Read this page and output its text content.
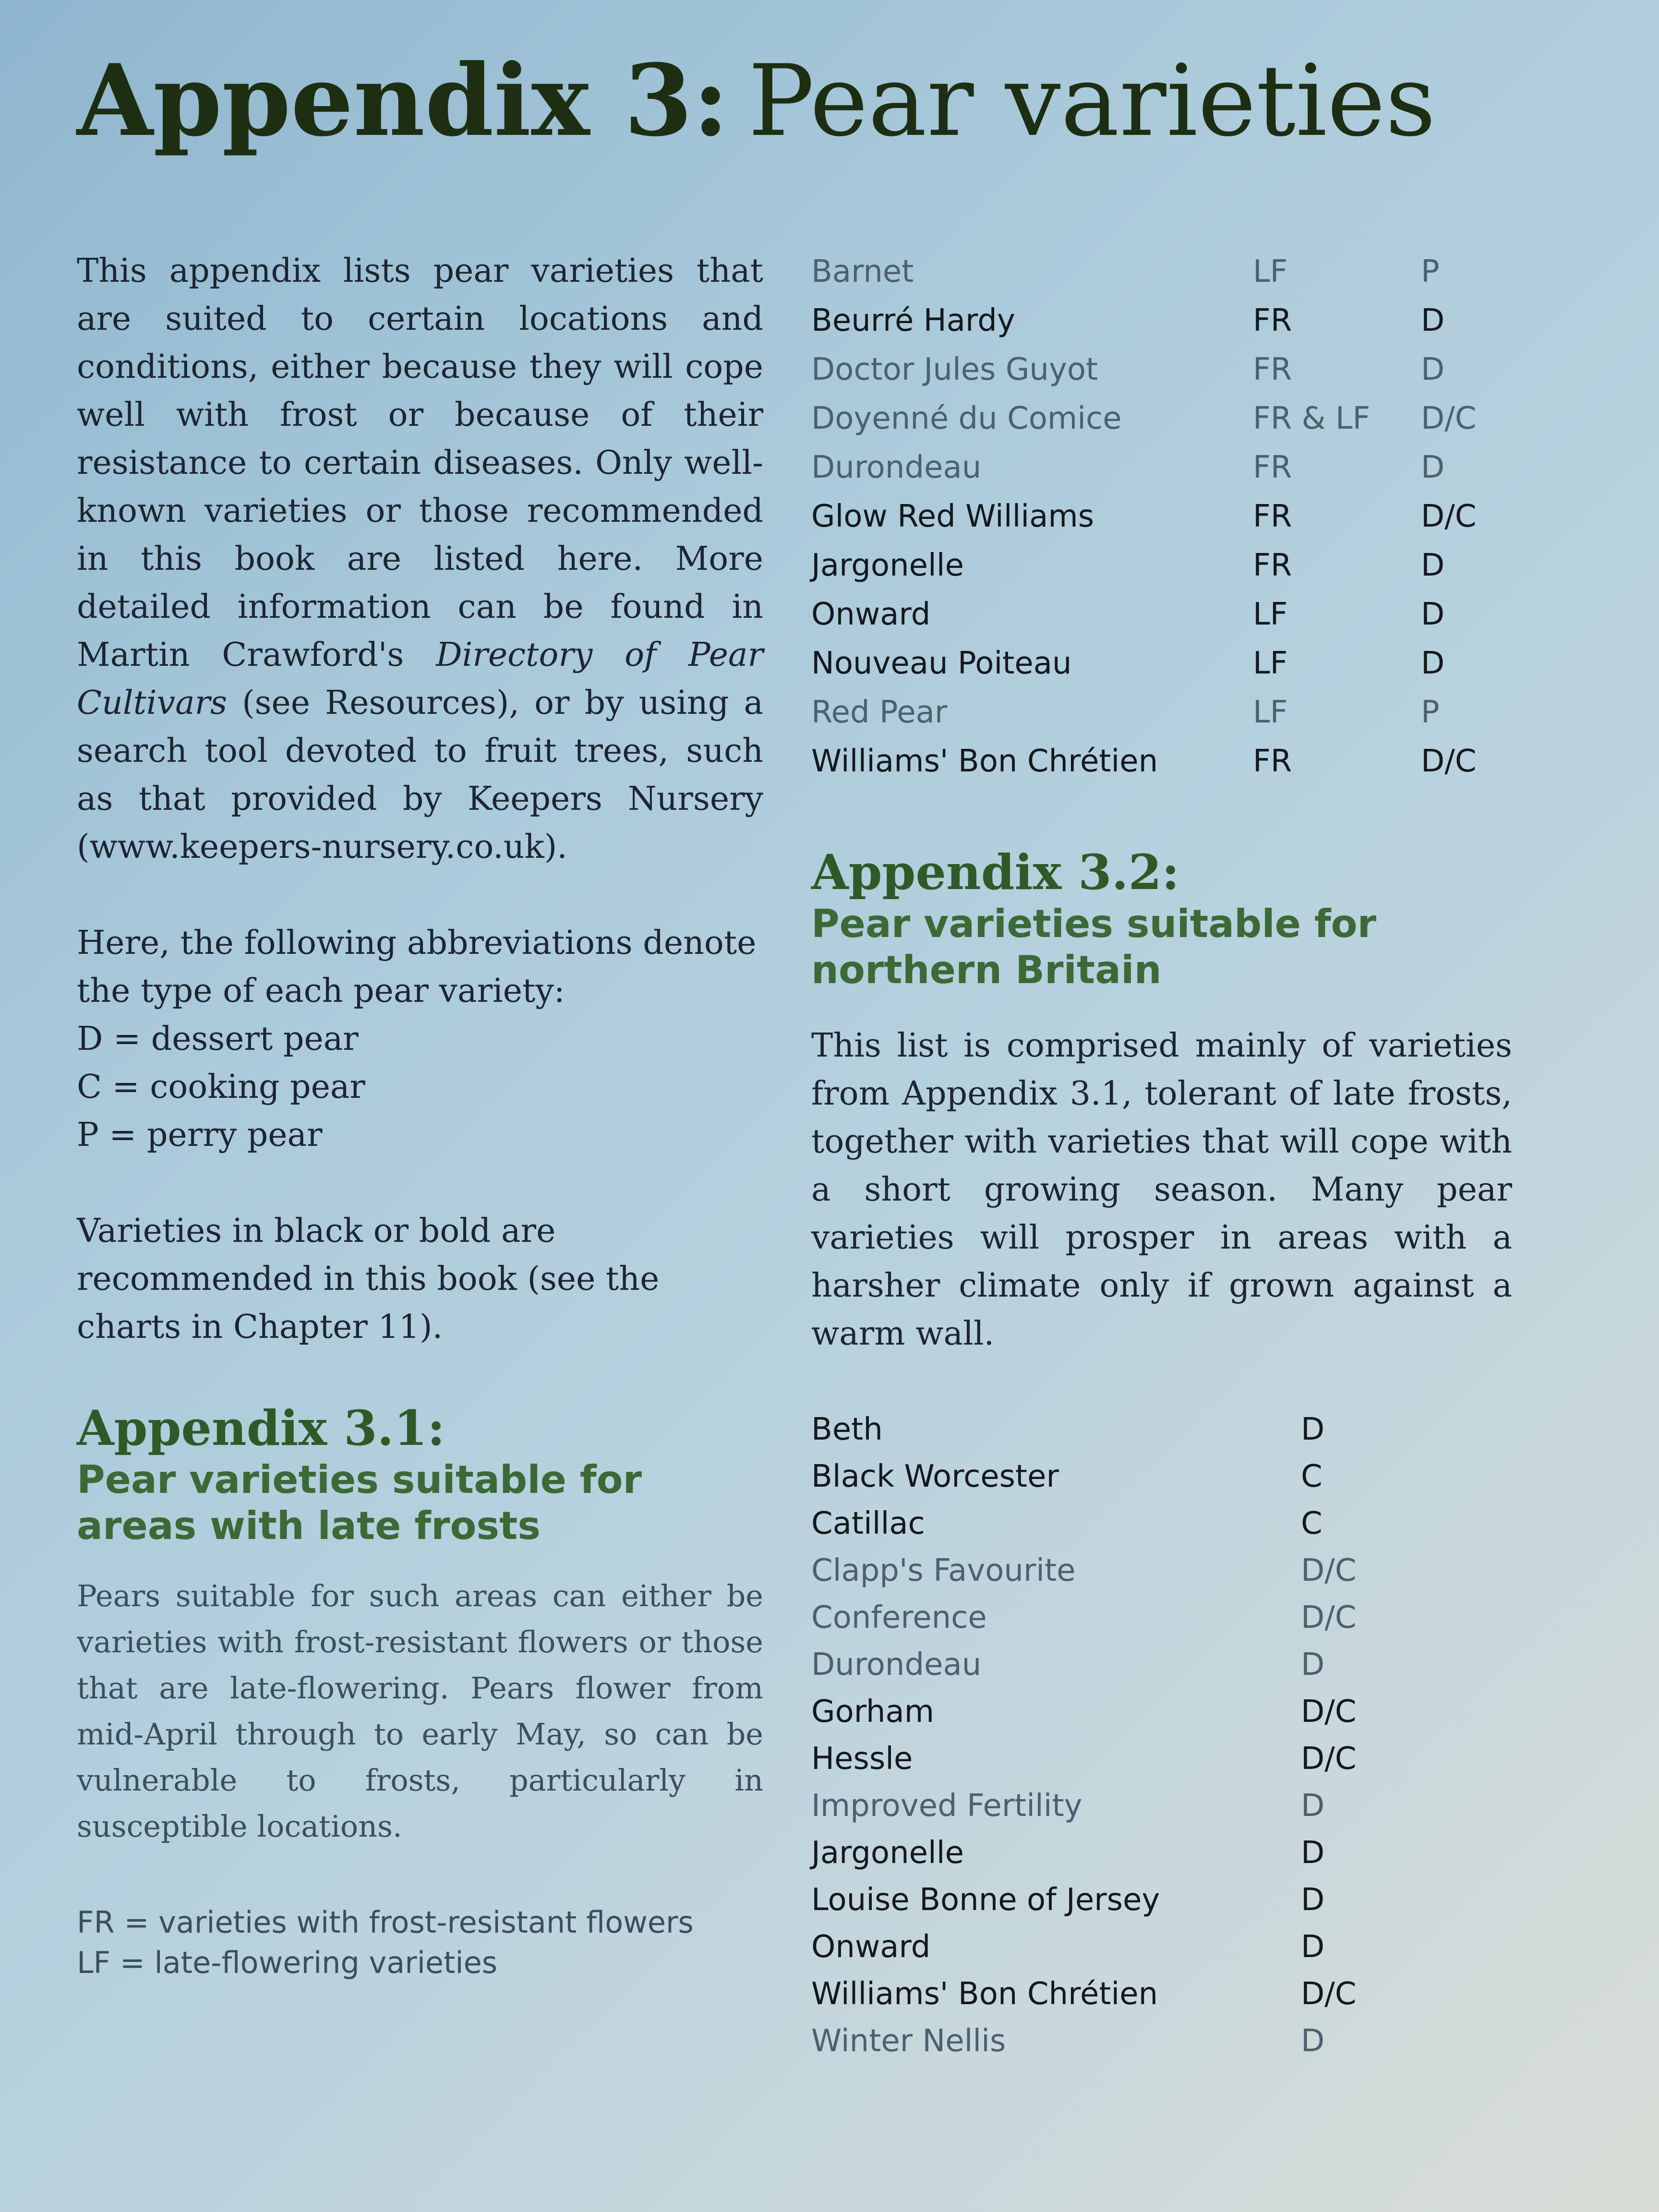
Appendix 3: Pear varieties

This appendix lists pear varieties that are suited to certain locations and conditions, either because they will cope well with frost or because of their resistance to certain diseases. Only well-known varieties or those recommended in this book are listed here. More detailed information can be found in Martin Crawford's Directory of Pear Cultivars (see Resources), or by using a search tool devoted to fruit trees, such as that provided by Keepers Nursery (www.keepers-nursery.co.uk).

Here, the following abbreviations denote the type of each pear variety:

D = dessert pear

C = cooking pear

P = perry pear

Varieties in black or bold are recommended in this book (see the charts in Chapter 11).

Appendix 3.1:
Pear varieties suitable for areas with late frosts

Pears suitable for such areas can either be varieties with frost-resistant flowers or those that are late-flowering. Pears flower from mid-April through to early May, so can be vulnerable to frosts, particularly in susceptible locations.

FR = varieties with frost-resistant flowers

LF = late-flowering varieties

Barnet	LF	P
Beurré Hardy	FR	D
Doctor Jules Guyot	FR	D
Doyenné du Comice	FR & LF	D/C
Durondeau	FR	D
Glow Red Williams	FR	D/C
Jargonelle	FR	D
Onward	LF	D
Nouveau Poiteau	LF	D
Red Pear	LF	P
Williams' Bon Chrétien	FR	D/C
Appendix 3.2:
Pear varieties suitable for northern Britain

This list is comprised mainly of varieties from Appendix 3.1, tolerant of late frosts, together with varieties that will cope with a short growing season. Many pear varieties will prosper in areas with a harsher climate only if grown against a warm wall.

Beth	D
Black Worcester	C
Catillac	C
Clapp's Favourite	D/C
Conference	D/C
Durondeau	D
Gorham	D/C
Hessle	D/C
Improved Fertility	D
Jargonelle	D
Louise Bonne of Jersey	D
Onward	D
Williams' Bon Chrétien	D/C
Winter Nellis	D
